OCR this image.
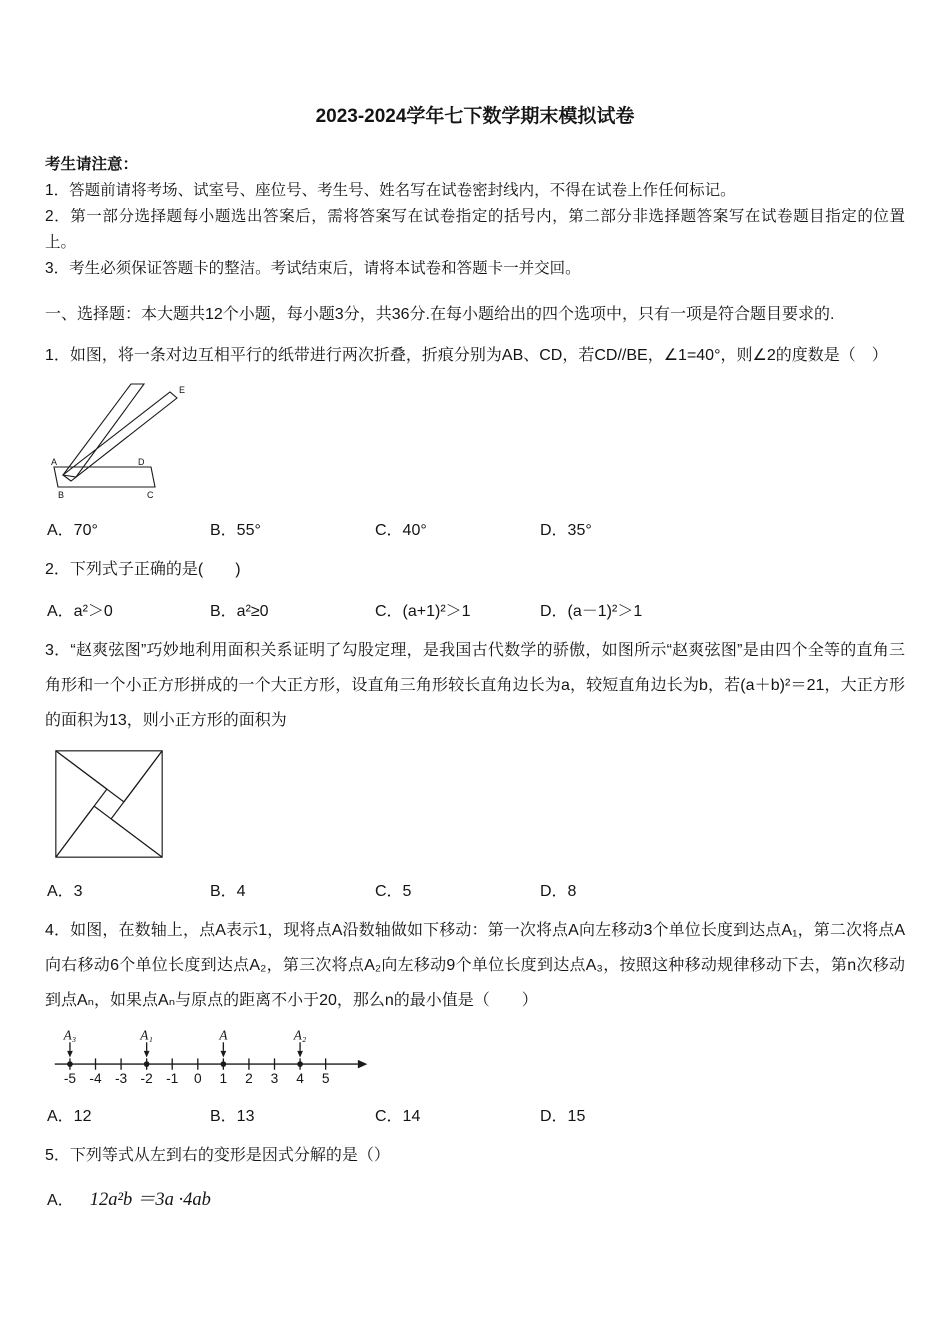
2023-2024学年七下数学期末模拟试卷

考生请注意：

1．答题前请将考场、试室号、座位号、考生号、姓名写在试卷密封线内，不得在试卷上作任何标记。

2．第一部分选择题每小题选出答案后，需将答案写在试卷指定的括号内，第二部分非选择题答案写在试卷题目指定的位置上。

3．考生必须保证答题卡的整洁。考试结束后，请将本试卷和答题卡一并交回。

一、选择题：本大题共12个小题，每小题3分，共36分.在每小题给出的四个选项中，只有一项是符合题目要求的.

1．如图，将一条对边互相平行的纸带进行两次折叠，折痕分别为AB、CD，若CD//BE，∠1=40°，则∠2的度数是（　）

E
A
B
D
C
A．70°	B．55°	C．40°	D．35°

2．下列式子正确的是(　　)

A．a²＞0	B．a²≥0	C．(a+1)²＞1	D．(a－1)²＞1

3．“赵爽弦图”巧妙地利用面积关系证明了勾股定理，是我国古代数学的骄傲，如图所示“赵爽弦图”是由四个全等的直角三角形和一个小正方形拼成的一个大正方形，设直角三角形较长直角边长为a，较短直角边长为b，若(a＋b)²＝21，大正方形的面积为13，则小正方形的面积为

A．3	B．4	C．5	D．8

4．如图，在数轴上，点A表示1，现将点A沿数轴做如下移动：第一次将点A向左移动3个单位长度到达点A₁，第二次将点A向右移动6个单位长度到达点A₂，第三次将点A₂向左移动9个单位长度到达点A₃，按照这种移动规律移动下去，第n次移动到点Aₙ，如果点Aₙ与原点的距离不小于20，那么n的最小值是（　　）

A₃	A₁	A	A₂
-5 -4 -3 -2 -1 0 1 2 3 4 5
A．12	B．13	C．14	D．15

5．下列等式从左到右的变形是因式分解的是（）

A． 12a²b ＝3a ·4ab
